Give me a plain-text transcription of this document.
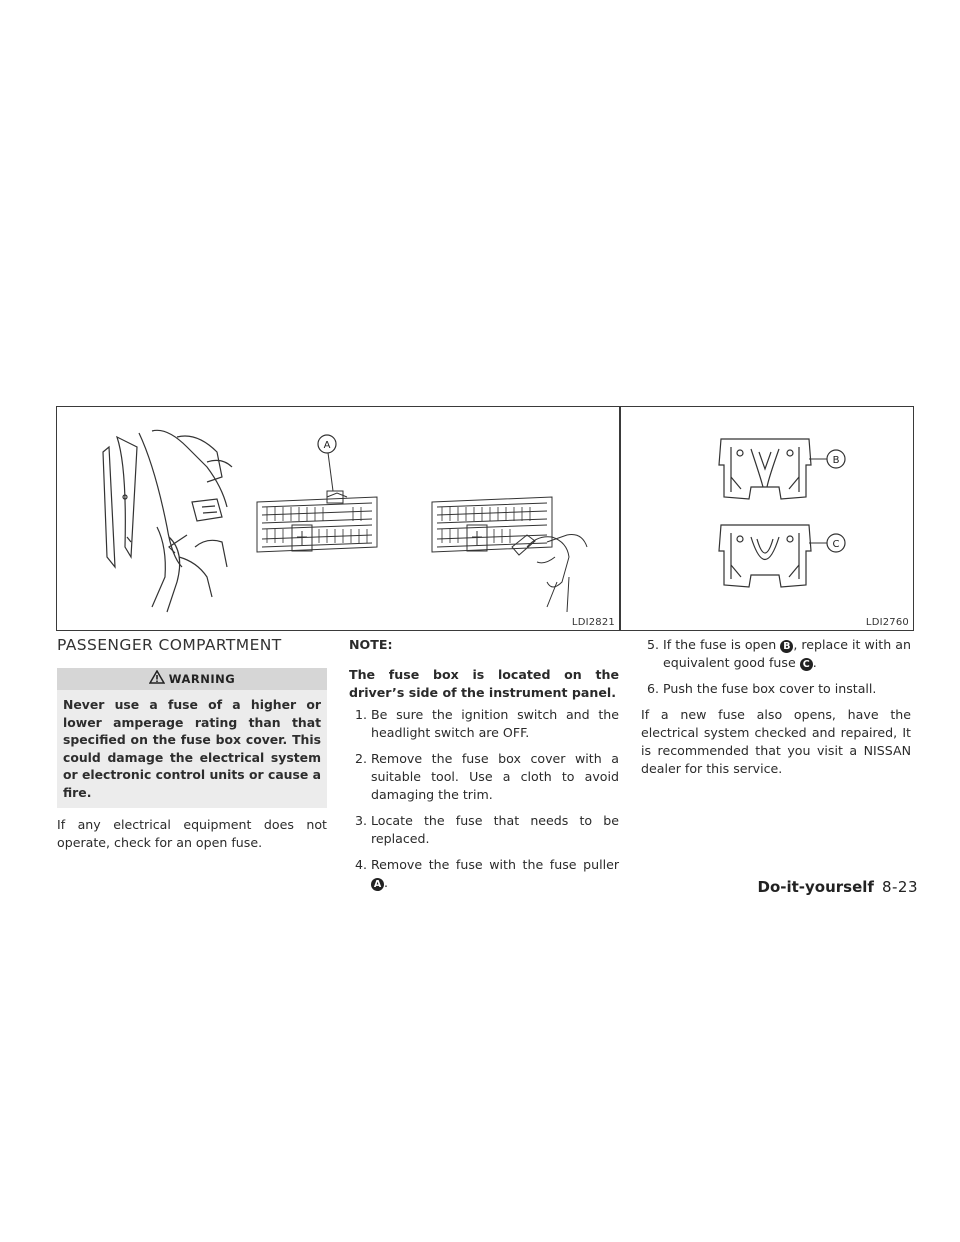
A
LDI2821
B
C
LDI2760
PASSENGER COMPARTMENT
WARNING
Never use a fuse of a higher or lower amperage rating than that specified on the fuse box cover. This could damage the electrical system or electronic control units or cause a fire.

If any electrical equipment does not operate, check for an open fuse.

NOTE:

The fuse box is located on the driver’s side of the instrument panel.

1. Be sure the ignition switch and the headlight switch are OFF.
2. Remove the fuse box cover with a suitable tool. Use a cloth to avoid damaging the trim.
3. Locate the fuse that needs to be replaced.
4. Remove the fuse with the fuse puller A .
5. If the fuse is open B , replace it with an equivalent good fuse C .
6. Push the fuse box cover to install.

If a new fuse also opens, have the electrical system checked and repaired, It is recommended that you visit a NISSAN dealer for this service.

Do-it-yourself 8-23
